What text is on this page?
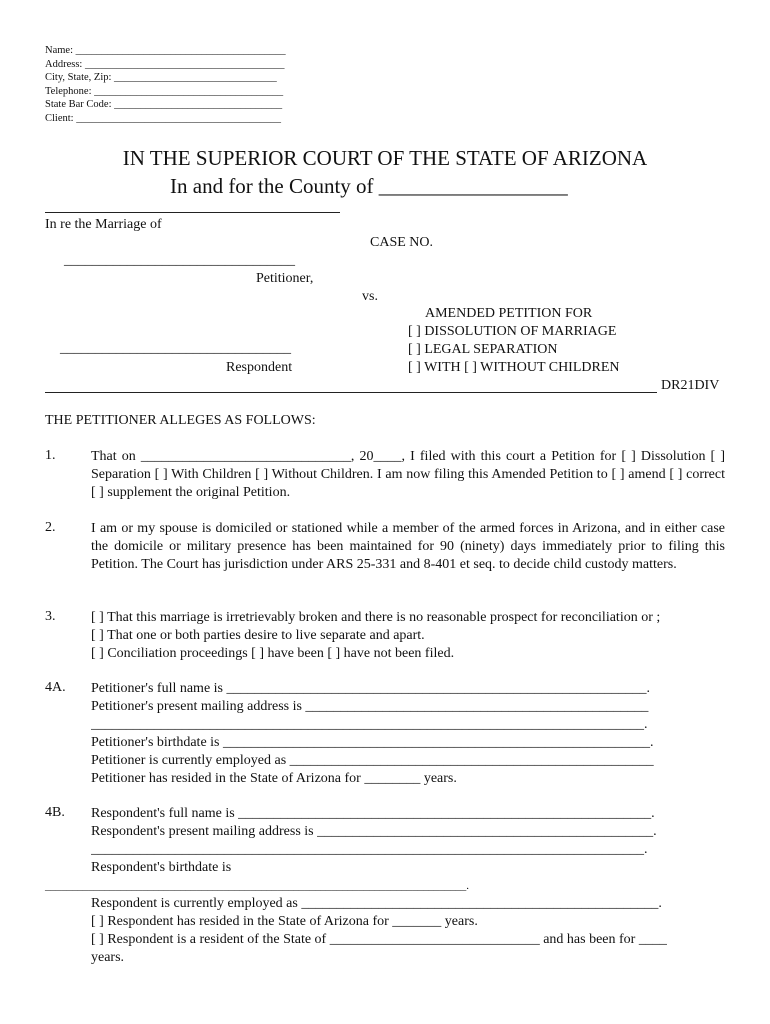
Name: ________________________________________
Address: ______________________________________
City, State, Zip: _______________________________
Telephone: ____________________________________
State Bar Code: ________________________________
Client: _______________________________________
IN THE SUPERIOR COURT OF THE STATE OF ARIZONA
In and for the County of __________________
In re the Marriage of
CASE NO.
_________________________________
Petitioner,
vs.
AMENDED PETITION FOR
[ ] DISSOLUTION OF MARRIAGE
_________________________________	[ ] LEGAL SEPARATION
Respondent	[ ] WITH [ ] WITHOUT CHILDREN
DR21DIV
THE PETITIONER ALLEGES AS FOLLOWS:
1.	That on ______________________________, 20____, I filed with this court a Petition for [ ] Dissolution [ ] Separation [ ] With Children [ ] Without Children. I am now filing this Amended Petition to [ ] amend [ ] correct [ ] supplement the original Petition.
2.	I am or my spouse is domiciled or stationed while a member of the armed forces in Arizona, and in either case the domicile or military presence has been maintained for 90 (ninety) days immediately prior to filing this Petition. The Court has jurisdiction under ARS 25-331 and 8-401 et seq. to decide child custody matters.
3.	[ ] That this marriage is irretrievably broken and there is no reasonable prospect for reconciliation or ;

[ ] That one or both parties desire to live separate and apart.

[ ] Conciliation proceedings [ ] have been [ ] have not been filed.

4A. Petitioner's full name is ____________________________________________________________.

Petitioner's present mailing address is _________________________________________________

_______________________________________________________________________________.

Petitioner's birthdate is _____________________________________________________________.

Petitioner is currently employed as ____________________________________________________

Petitioner has resided in the State of Arizona for ________ years.

4B. Respondent's full name is ___________________________________________________________.

Respondent's present mailing address is ________________________________________________.

_______________________________________________________________________________.

Respondent's birthdate is

______________________________________________________________________________.

Respondent is currently employed as ___________________________________________________.

[ ] Respondent has resided in the State of Arizona for _______ years.

[ ] Respondent is a resident of the State of ______________________________ and has been for ____

years.
